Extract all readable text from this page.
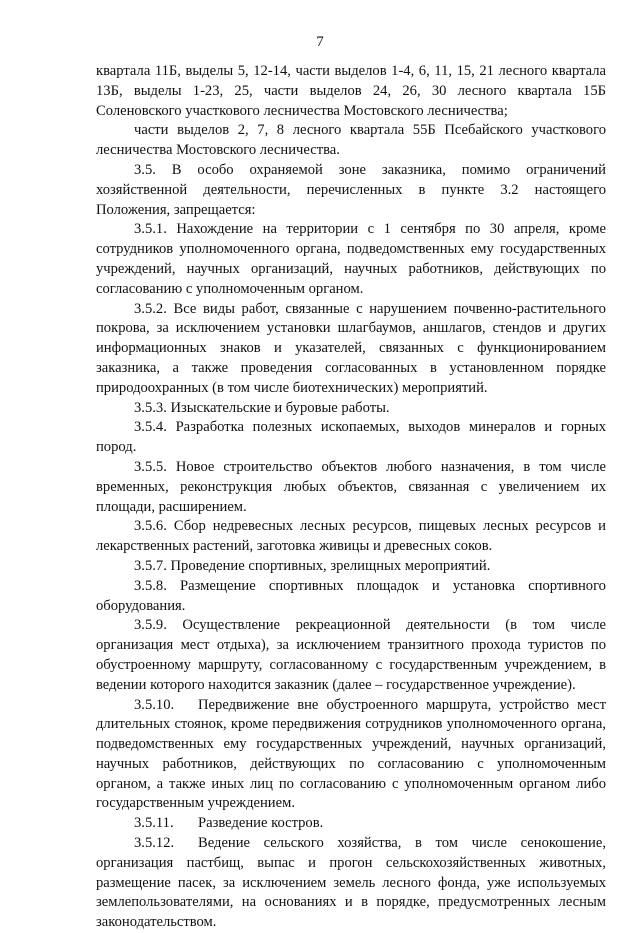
7

квартала 11Б, выделы 5, 12-14, части выделов 1-4, 6, 11, 15, 21 лесного квартала 13Б, выделы 1-23, 25, части выделов 24, 26, 30 лесного квартала 15Б Соленовского участкового лесничества Мостовского лесничества;

части выделов 2, 7, 8 лесного квартала 55Б Псебайского участкового лесничества Мостовского лесничества.

3.5. В особо охраняемой зоне заказника, помимо ограничений хозяйственной деятельности, перечисленных в пункте 3.2 настоящего Положения, запрещается:

3.5.1. Нахождение на территории с 1 сентября по 30 апреля, кроме сотрудников уполномоченного органа, подведомственных ему государственных учреждений, научных организаций, научных работников, действующих по согласованию с уполномоченным органом.

3.5.2. Все виды работ, связанные с нарушением почвенно-растительного покрова, за исключением установки шлагбаумов, аншлагов, стендов и других информационных знаков и указателей, связанных с функционированием заказника, а также проведения согласованных в установленном порядке природоохранных (в том числе биотехнических) мероприятий.

3.5.3. Изыскательские и буровые работы.

3.5.4. Разработка полезных ископаемых, выходов минералов и горных пород.

3.5.5. Новое строительство объектов любого назначения, в том числе временных, реконструкция любых объектов, связанная с увеличением их площади, расширением.

3.5.6. Сбор недревесных лесных ресурсов, пищевых лесных ресурсов и лекарственных растений, заготовка живицы и древесных соков.

3.5.7. Проведение спортивных, зрелищных мероприятий.

3.5.8. Размещение спортивных площадок и установка спортивного оборудования.

3.5.9. Осуществление рекреационной деятельности (в том числе организация мест отдыха), за исключением транзитного прохода туристов по обустроенному маршруту, согласованному с государственным учреждением, в ведении которого находится заказник (далее – государственное учреждение).

3.5.10. Передвижение вне обустроенного маршрута, устройство мест длительных стоянок, кроме передвижения сотрудников уполномоченного органа, подведомственных ему государственных учреждений, научных организаций, научных работников, действующих по согласованию с уполномоченным органом, а также иных лиц по согласованию с уполномоченным органом либо государственным учреждением.

3.5.11. Разведение костров.

3.5.12. Ведение сельского хозяйства, в том числе сенокошение, организация пастбищ, выпас и прогон сельскохозяйственных животных, размещение пасек, за исключением земель лесного фонда, уже используемых землепользователями, на основаниях и в порядке, предусмотренных лесным законодательством.
